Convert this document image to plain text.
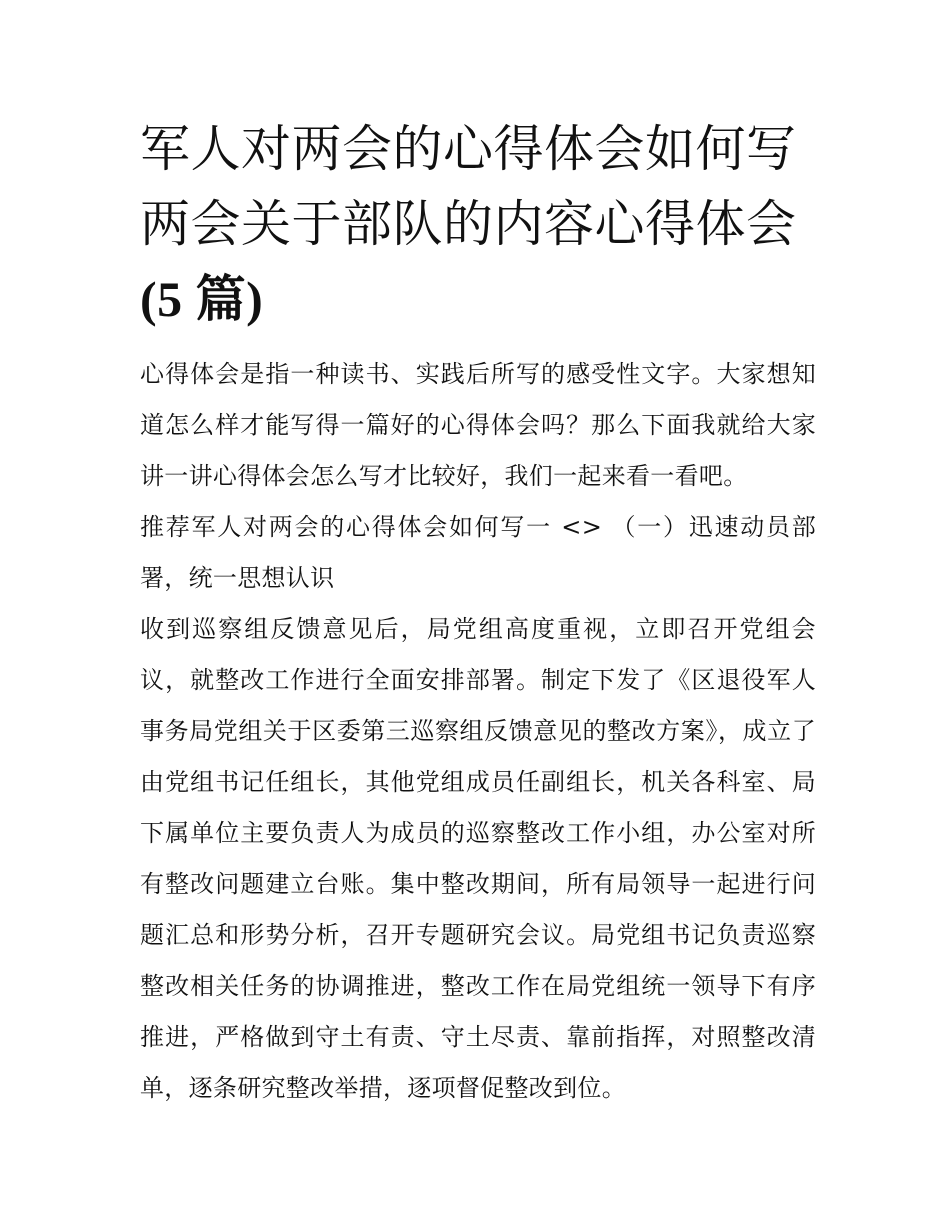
军人对两会的心得体会如何写
两会关于部队的内容心得体会
(5 篇)

心得体会是指一种读书、实践后所写的感受性文字。大家想知道怎么样才能写得一篇好的心得体会吗？那么下面我就给大家讲一讲心得体会怎么写才比较好，我们一起来看一看吧。

推荐军人对两会的心得体会如何写一 <> （一）迅速动员部署，统一思想认识

收到巡察组反馈意见后，局党组高度重视，立即召开党组会议，就整改工作进行全面安排部署。制定下发了《区退役军人事务局党组关于区委第三巡察组反馈意见的整改方案》，成立了由党组书记任组长，其他党组成员任副组长，机关各科室、局下属单位主要负责人为成员的巡察整改工作小组，办公室对所有整改问题建立台账。集中整改期间，所有局领导一起进行问题汇总和形势分析，召开专题研究会议。局党组书记负责巡察整改相关任务的协调推进，整改工作在局党组统一领导下有序推进，严格做到守土有责、守土尽责、靠前指挥，对照整改清单，逐条研究整改举措，逐项督促整改到位。
